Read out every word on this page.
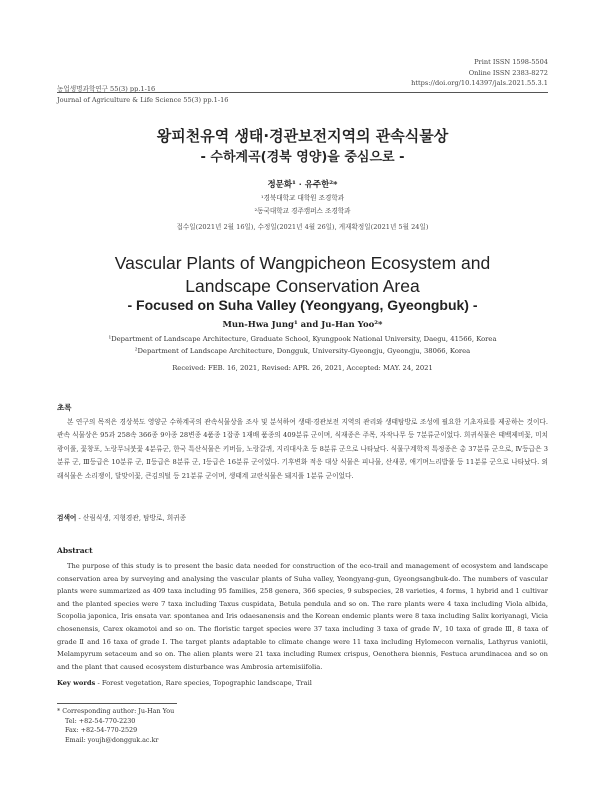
Print ISSN 1598-5504
Online ISSN 2383-8272
https://doi.org/10.14397/jals.2021.55.3.1
농업생명과학연구 55(3) pp.1-16
Journal of Agriculture & Life Science 55(3) pp.1-16
왕피천유역 생태·경관보전지역의 관속식물상
- 수하계곡(경북 영양)을 중심으로 -
정문화¹ · 유주한²*
¹경북대학교 대학원 조경학과
²동국대학교 경주캠퍼스 조경학과
접수일(2021년 2월 16일), 수정일(2021년 4월 26일), 게재확정일(2021년 5월 24일)
Vascular Plants of Wangpicheon Ecosystem and
Landscape Conservation Area
- Focused on Suha Valley (Yeongyang, Gyeongbuk) -
Mun-Hwa Jung¹ and Ju-Han Yoo²*
¹Department of Landscape Architecture, Graduate School, Kyungpook National University, Daegu, 41566, Korea
²Department of Landscape Architecture, Dongguk, University-Gyeongju, Gyeongju, 38066, Korea
Received: FEB. 16, 2021, Revised: APR. 26, 2021, Accepted: MAY. 24, 2021
초록

본 연구의 목적은 경상북도 영양군 수하계곡의 관속식물상을 조사 및 분석하여 생태·경관보전 지역의 관리와 생태탐방로 조성에 필요한 기초자료를 제공하는 것이다. 관속 식물상은 95과 258속 366종 9아종 28변종 4품종 1잡종 1재배 품종의 409분류 군이며, 식재종은 주목, 자작나무 등 7분류군이었다. 희귀식물은 태백제비꽃, 미치광이풀, 꽃창포, 노랑무늬붓꽃 4분류군, 한국 특산식물은 키버들, 노랑갈퀴, 지리대사초 등 8분류 군으로 나타났다. 식물구계학적 특정종은 총 37분류 군으로, Ⅳ등급은 3분류 군, Ⅲ등급은 10분류 군, Ⅱ등급은 8분류 군, Ⅰ등급은 16분류 군이었다. 기후변화 적응 대상 식물은 피나물, 산새콩, 애기며느리밥풀 등 11분류 군으로 나타났다. 외래식물은 소리쟁이, 달맞이꽃, 큰김의털 등 21분류 군이며, 생태계 교란식물은 돼지풀 1분류 군이었다.

검색어 - 산림식생, 지형경관, 탐방로, 희귀종
Abstract

The purpose of this study is to present the basic data needed for construction of the eco-trail and management of ecosystem and landscape conservation area by surveying and analysing the vascular plants of Suha valley, Yeongyang-gun, Gyeongsangbuk-do. The numbers of vascular plants were summarized as 409 taxa including 95 families, 258 genera, 366 species, 9 subspecies, 28 varieties, 4 forms, 1 hybrid and 1 cultivar and the planted species were 7 taxa including Taxus cuspidata, Betula pendula and so on. The rare plants were 4 taxa including Viola albida, Scopolia japonica, Iris ensata var. spontanea and Iris odaesanensis and the Korean endemic plants were 8 taxa including Salix koriyanagi, Vicia chosenensis, Carex okamotoi and so on. The floristic target species were 37 taxa including 3 taxa of grade Ⅳ, 10 taxa of grade Ⅲ, 8 taxa of grade Ⅱ and 16 taxa of grade Ⅰ. The target plants adaptable to climate change were 11 taxa including Hylomecon vernalis, Lathyrus vaniotii, Melampyrum setaceum and so on. The alien plants were 21 taxa including Rumex crispus, Oenothera biennis, Festuca arundinacea and so on and the plant that caused ecosystem disturbance was Ambrosia artemisiifolia.

Key words - Forest vegetation, Rare species, Topographic landscape, Trail
* Corresponding author: Ju-Han You
Tel: +82-54-770-2230
Fax: +82-54-770-2529
Email: youjh@dongguk.ac.kr
